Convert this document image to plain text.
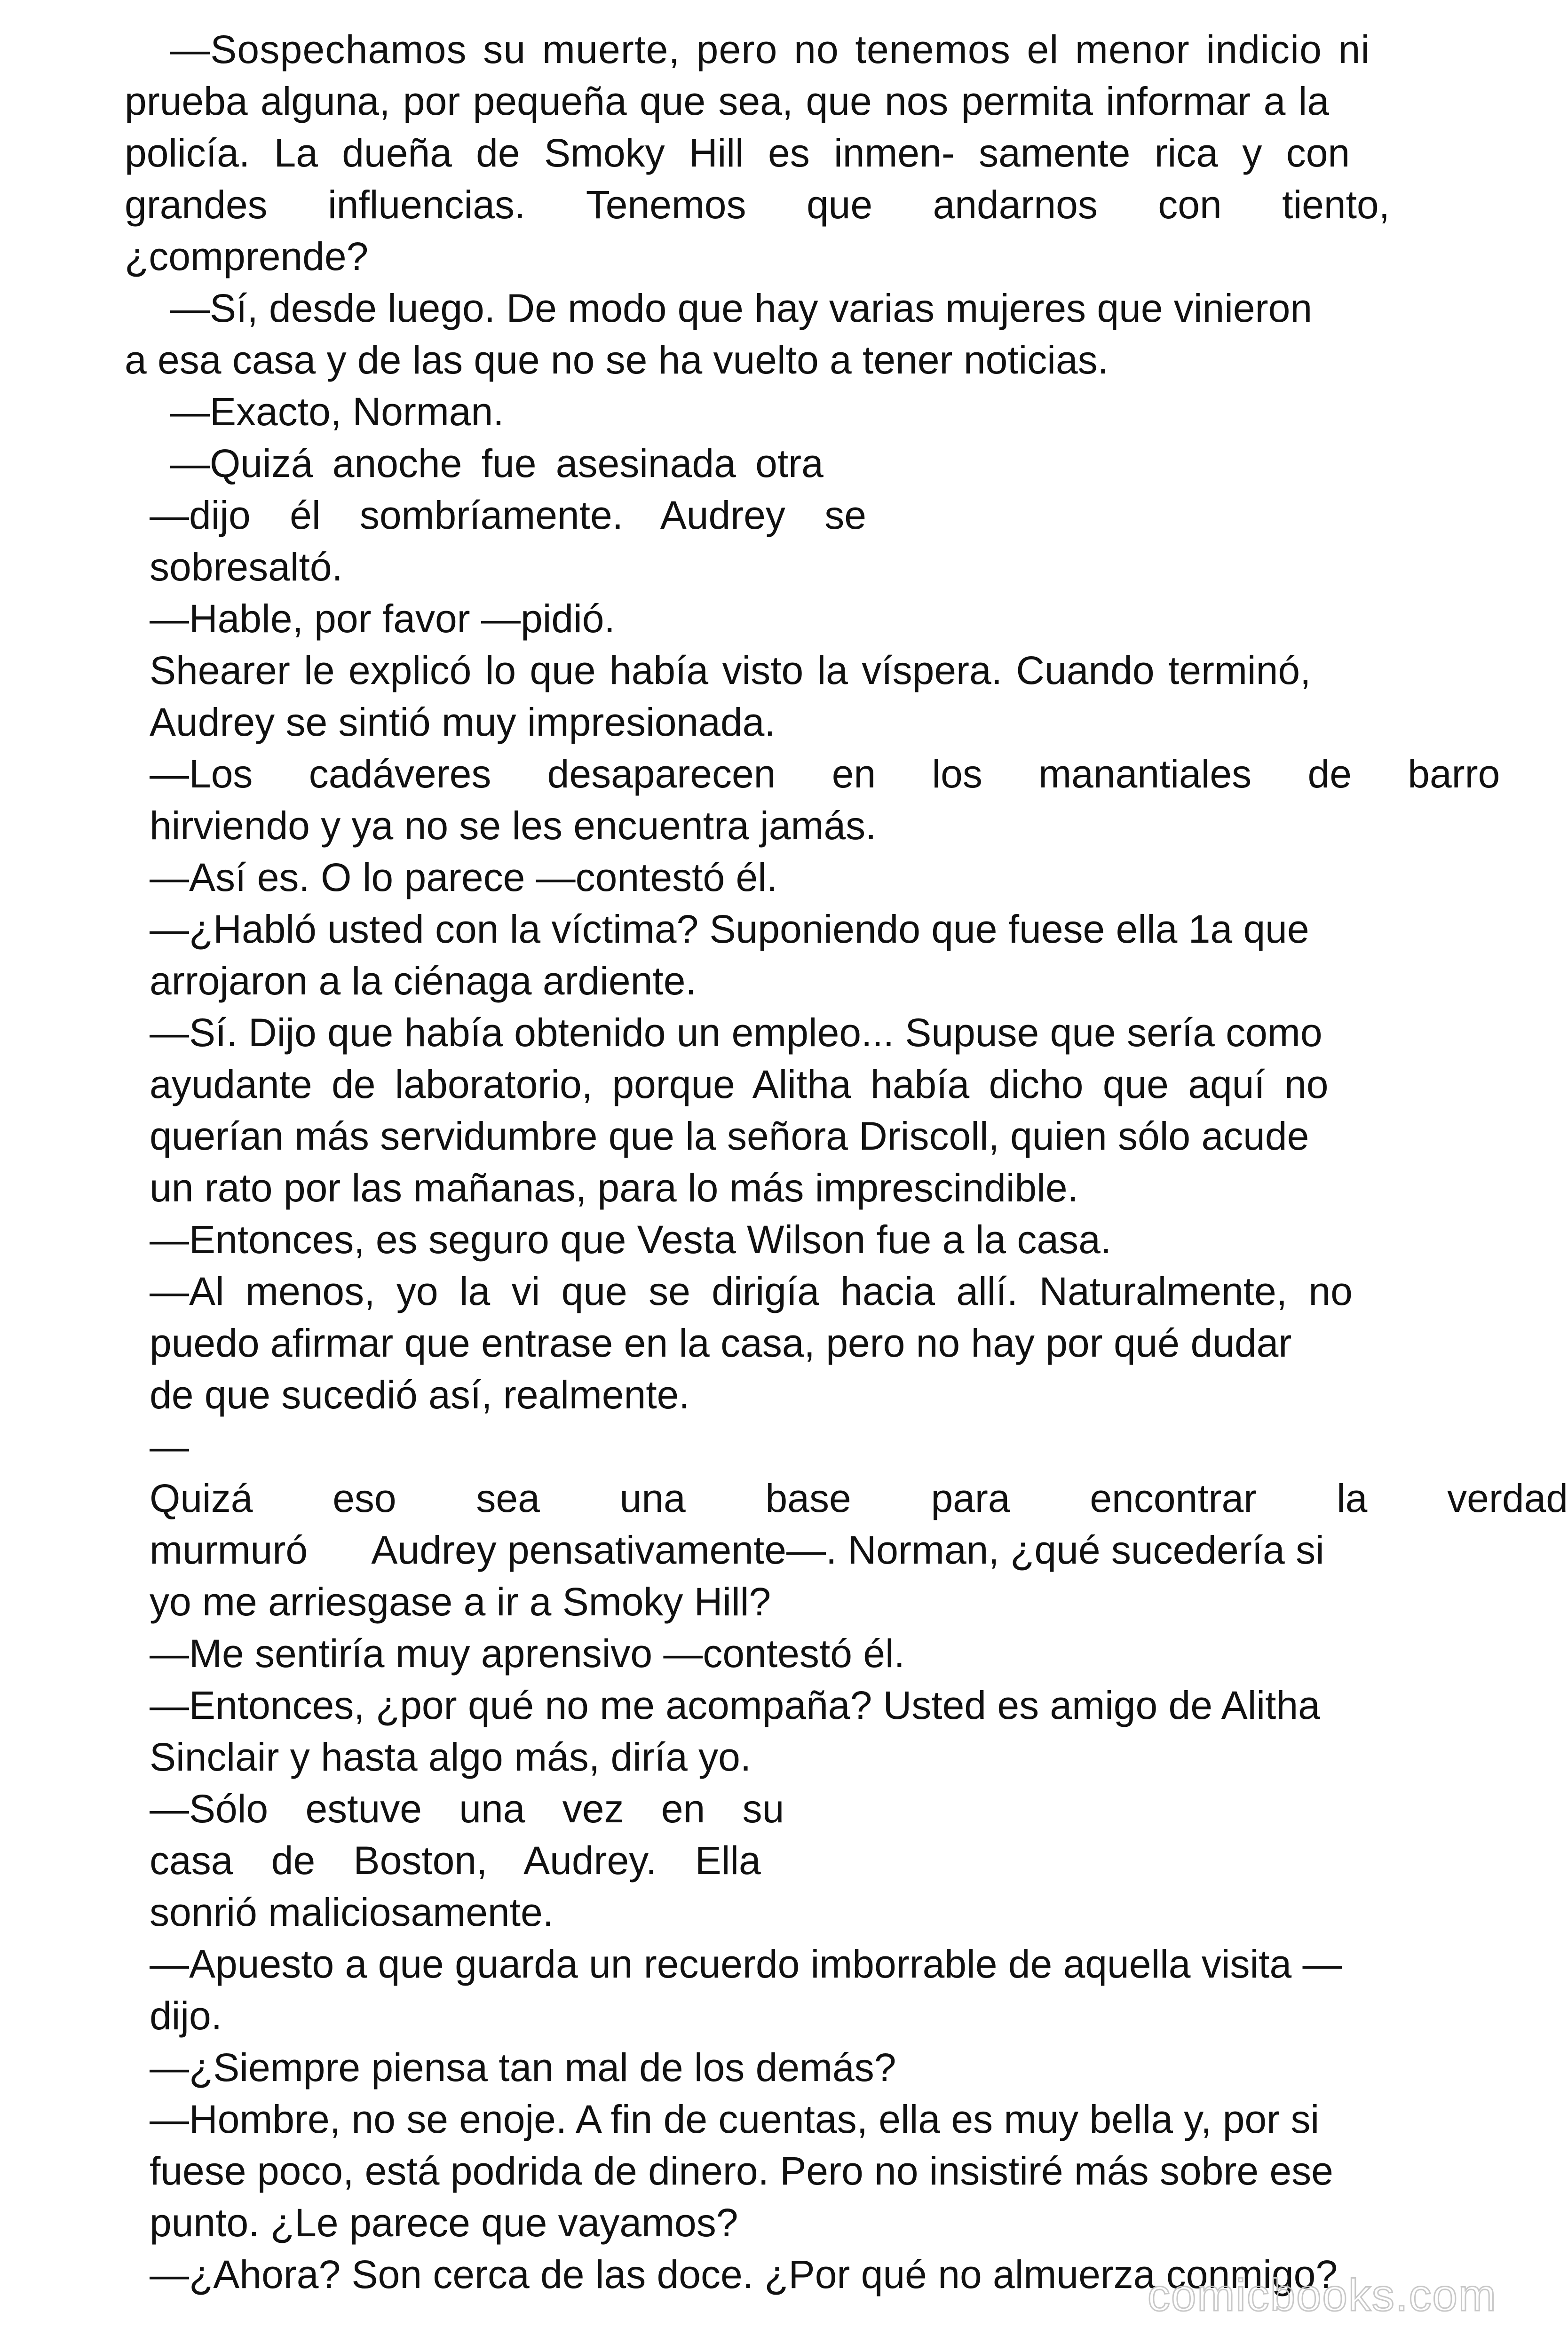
—Sospechamos su muerte, pero no tenemos el menor indicio ni
prueba alguna, por pequeña que sea, que nos permita informar a la
policía. La dueña de Smoky Hill es inmen- samente rica y con
grandes influencias. Tenemos que andarnos con tiento,
¿comprende?
—Sí, desde luego. De modo que hay varias mujeres que vinieron
a esa casa y de las que no se ha vuelto a tener noticias.
—Exacto, Norman.
—Quizá anoche fue asesinada otra
—dijo él sombríamente. Audrey se
sobresaltó.
—Hable, por favor —pidió.
Shearer le explicó lo que había visto la víspera. Cuando terminó,
Audrey se sintió muy impresionada.
—Los cadáveres desaparecen en los manantiales de barro
hirviendo y ya no se les encuentra jamás.
—Así es. O lo parece —contestó él.
—¿Habló usted con la víctima? Suponiendo que fuese ella 1a que
arrojaron a la ciénaga ardiente.
—Sí. Dijo que había obtenido un empleo... Supuse que sería como
ayudante de laboratorio, porque Alitha había dicho que aquí no
querían más servidumbre que la señora Driscoll, quien sólo acude
un rato por las mañanas, para lo más imprescindible.
—Entonces, es seguro que Vesta Wilson fue a la casa.
—Al menos, yo la vi que se dirigía hacia allí. Naturalmente, no
puedo afirmar que entrase en la casa, pero no hay por qué dudar
de que sucedió así, realmente.
—
Quizá eso sea una base para encontrar la verdad
murmuró      Audrey pensativamente—. Norman, ¿qué sucedería si
yo me arriesgase a ir a Smoky Hill?
—Me sentiría muy aprensivo —contestó él.
—Entonces, ¿por qué no me acompaña? Usted es amigo de Alitha
Sinclair y hasta algo más, diría yo.
—Sólo estuve una vez en su
casa de Boston, Audrey. Ella
sonrió maliciosamente.
—Apuesto a que guarda un recuerdo imborrable de aquella visita —
dijo.
—¿Siempre piensa tan mal de los demás?
—Hombre, no se enoje. A fin de cuentas, ella es muy bella y, por si
fuese poco, está podrida de dinero. Pero no insistiré más sobre ese
punto. ¿Le parece que vayamos?
—¿Ahora? Son cerca de las doce. ¿Por qué no almuerza conmigo?
comicbooks.com
